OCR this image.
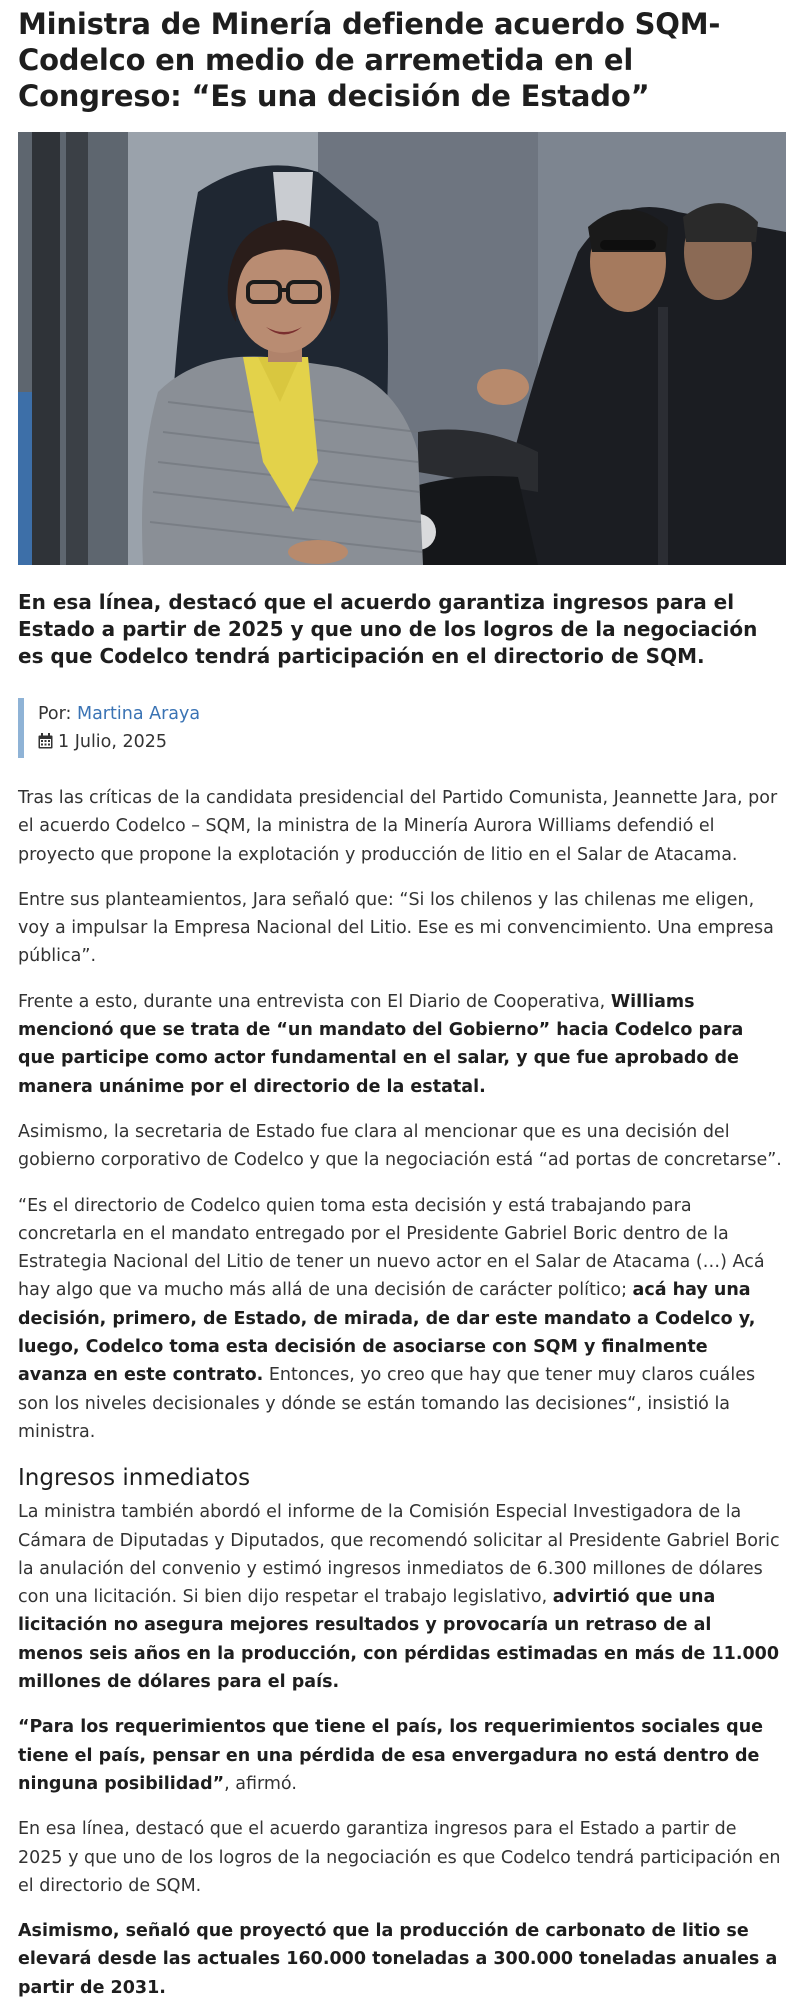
Ministra de Minería defiende acuerdo SQM-Codelco en medio de arremetida en el Congreso: “Es una decisión de Estado”
En esa línea, destacó que el acuerdo garantiza ingresos para el Estado a partir de 2025 y que uno de los logros de la negociación es que Codelco tendrá participación en el directorio de SQM.
Por: Martina Araya
1 Julio, 2025

Tras las críticas de la candidata presidencial del Partido Comunista, Jeannette Jara, por el acuerdo Codelco – SQM, la ministra de la Minería Aurora Williams defendió el proyecto que propone la explotación y producción de litio en el Salar de Atacama.

Entre sus planteamientos, Jara señaló que: “Si los chilenos y las chilenas me eligen, voy a impulsar la Empresa Nacional del Litio. Ese es mi convencimiento. Una empresa pública”.

Frente a esto, durante una entrevista con El Diario de Cooperativa, Williams mencionó que se trata de “un mandato del Gobierno” hacia Codelco para que participe como actor fundamental en el salar, y que fue aprobado de manera unánime por el directorio de la estatal.

Asimismo, la secretaria de Estado fue clara al mencionar que es una decisión del gobierno corporativo de Codelco y que la negociación está “ad portas de concretarse”.

“Es el directorio de Codelco quien toma esta decisión y está trabajando para concretarla en el mandato entregado por el Presidente Gabriel Boric dentro de la Estrategia Nacional del Litio de tener un nuevo actor en el Salar de Atacama (…) Acá hay algo que va mucho más allá de una decisión de carácter político; acá hay una decisión, primero, de Estado, de mirada, de dar este mandato a Codelco y, luego, Codelco toma esta decisión de asociarse con SQM y finalmente avanza en este contrato. Entonces, yo creo que hay que tener muy claros cuáles son los niveles decisionales y dónde se están tomando las decisiones“, insistió la ministra.

Ingresos inmediatos

La ministra también abordó el informe de la Comisión Especial Investigadora de la Cámara de Diputadas y Diputados, que recomendó solicitar al Presidente Gabriel Boric la anulación del convenio y estimó ingresos inmediatos de 6.300 millones de dólares con una licitación. Si bien dijo respetar el trabajo legislativo, advirtió que una licitación no asegura mejores resultados y provocaría un retraso de al menos seis años en la producción, con pérdidas estimadas en más de 11.000 millones de dólares para el país.

“Para los requerimientos que tiene el país, los requerimientos sociales que tiene el país, pensar en una pérdida de esa envergadura no está dentro de ninguna posibilidad”, afirmó.

En esa línea, destacó que el acuerdo garantiza ingresos para el Estado a partir de 2025 y que uno de los logros de la negociación es que Codelco tendrá participación en el directorio de SQM.

Asimismo, señaló que proyectó que la producción de carbonato de litio se elevará desde las actuales 160.000 toneladas a 300.000 toneladas anuales a partir de 2031.
